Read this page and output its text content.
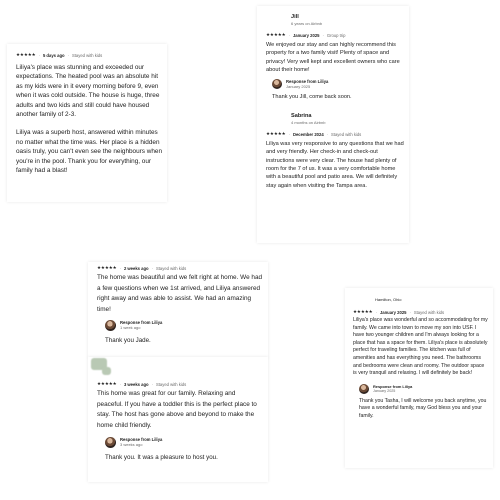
★★★★★ · 5 days ago · Stayed with kids

Liliya's place was stunning and exceeded our expectations. The heated pool was an absolute hit as my kids were in it every morning before 9, even when it was cold outside. The house is huge, three adults and two kids and still could have housed another family of 2-3.

Liliya was a superb host, answered within minutes no matter what the time was. Her place is a hidden oasis truly, you can't even see the neighbours when you're in the pool. Thank you for everything, our family had a blast!

Jill
6 years on Airbnb
★★★★★ · January 2025 · Group trip

We enjoyed our stay and can highly recommend this property for a two family visit! Plenty of space and privacy! Very well kept and excellent owners who care about their home!

Response from Liliya
January 2025

Thank you Jill, come back soon.

Sabrina
4 months on Airbnb
★★★★★ · December 2024 · Stayed with kids

Liliya was very responsive to any questions that we had and very friendly. Her check-in and check-out instructions were very clear. The house had plenty of room for the 7 of us. It was a very comfortable home with a beautiful pool and patio area. We will definitely stay again when visiting the Tampa area.

★★★★★ · 2 weeks ago · Stayed with kids

The home was beautiful and we felt right at home. We had a few questions when we 1st arrived, and Liliya answered right away and was able to assist. We had an amazing time!

Response from Liliya
1 week ago

Thank you Jade.

★★★★★ · 3 weeks ago · Stayed with kids

This home was great for our family. Relaxing and peaceful. If you have a toddler this is the perfect place to stay. The host has gone above and beyond to make the home child friendly.

Response from Liliya
3 weeks ago

Thank you. It was a pleasure to host you.

Hamilton, Ohio
★★★★★ · January 2025 · Stayed with kids

Liliya's place was wonderful and so accommodating for my family. We came into town to move my son into USF. I have two younger children and I'm always looking for a place that has a space for them. Liliya's place is absolutely perfect for traveling families. The kitchen was full of amenities and has everything you need. The bathrooms and bedrooms were clean and roomy. The outdoor space is very tranquil and relaxing. I will definitely be back!

Response from Liliya
January 2025

Thank you Tasha, I will welcome you back anytime, you have a wonderful family, may God bless you and your family.
